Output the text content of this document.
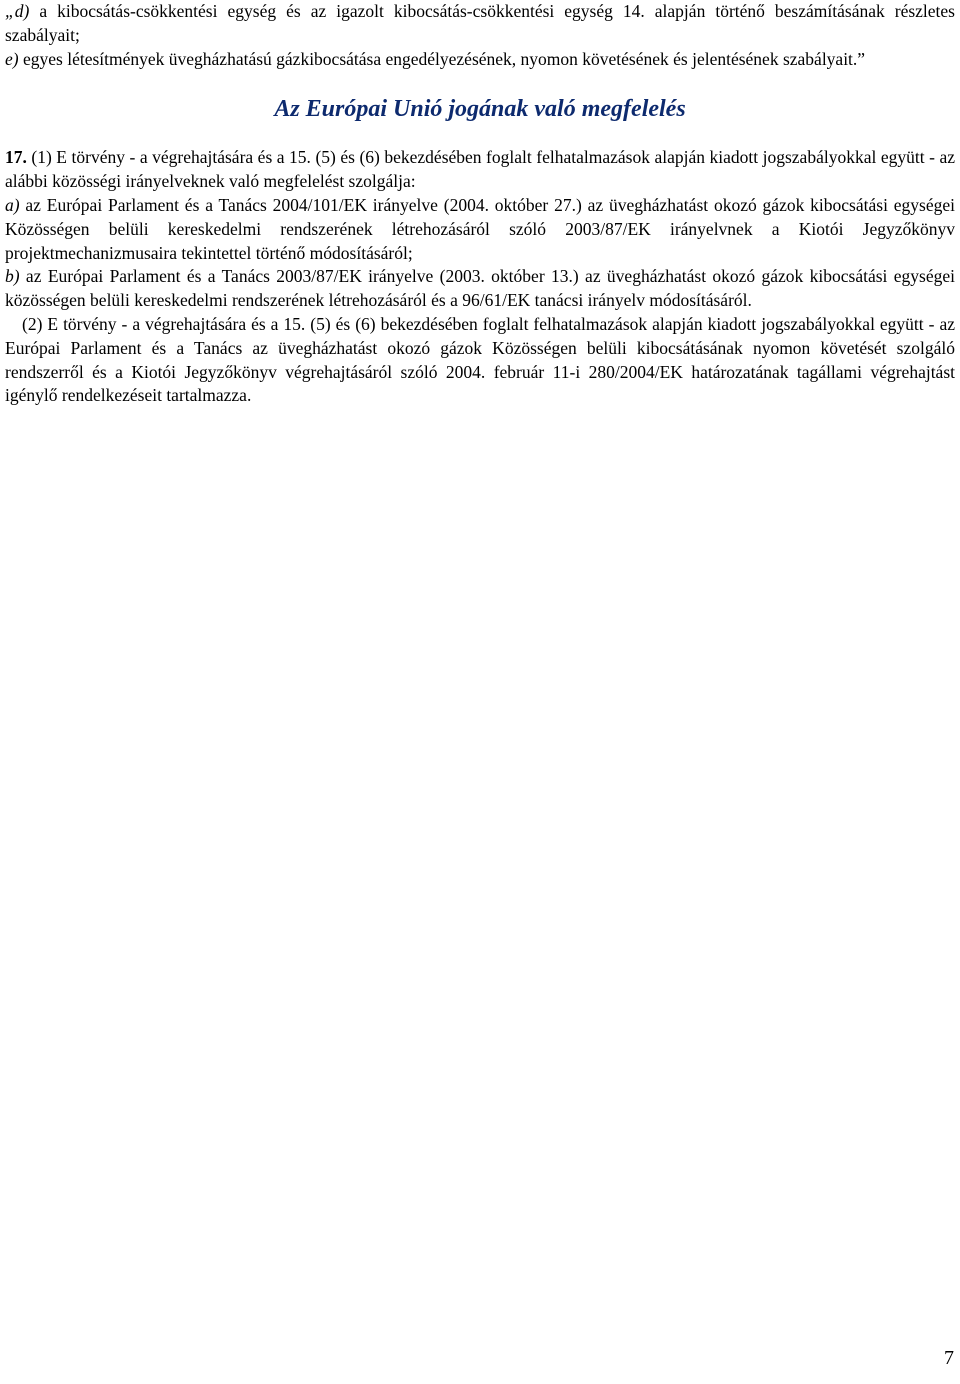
„d) a kibocsátás-csökkentési egység és az igazolt kibocsátás-csökkentési egység 14. alapján történő beszámításának részletes szabályait;

e) egyes létesítmények üvegházhatású gázkibocsátása engedélyezésének, nyomon követésének és jelentésének szabályait.”

Az Európai Unió jogának való megfelelés

17. (1) E törvény - a végrehajtására és a 15. (5) és (6) bekezdésében foglalt felhatalmazások alapján kiadott jogszabályokkal együtt - az alábbi közösségi irányelveknek való megfelelést szolgálja:

a) az Európai Parlament és a Tanács 2004/101/EK irányelve (2004. október 27.) az üvegházhatást okozó gázok kibocsátási egységei Közösségen belüli kereskedelmi rendszerének létrehozásáról szóló 2003/87/EK irányelvnek a Kiotói Jegyzőkönyv projektmechanizmusaira tekintettel történő módosításáról;

b) az Európai Parlament és a Tanács 2003/87/EK irányelve (2003. október 13.) az üvegházhatást okozó gázok kibocsátási egységei közösségen belüli kereskedelmi rendszerének létrehozásáról és a 96/61/EK tanácsi irányelv módosításáról.

(2) E törvény - a végrehajtására és a 15. (5) és (6) bekezdésében foglalt felhatalmazások alapján kiadott jogszabályokkal együtt - az Európai Parlament és a Tanács az üvegházhatást okozó gázok Közösségen belüli kibocsátásának nyomon követését szolgáló rendszerről és a Kiotói Jegyzőkönyv végrehajtásáról szóló 2004. február 11-i 280/2004/EK határozatának tagállami végrehajtást igénylő rendelkezéseit tartalmazza.

7
